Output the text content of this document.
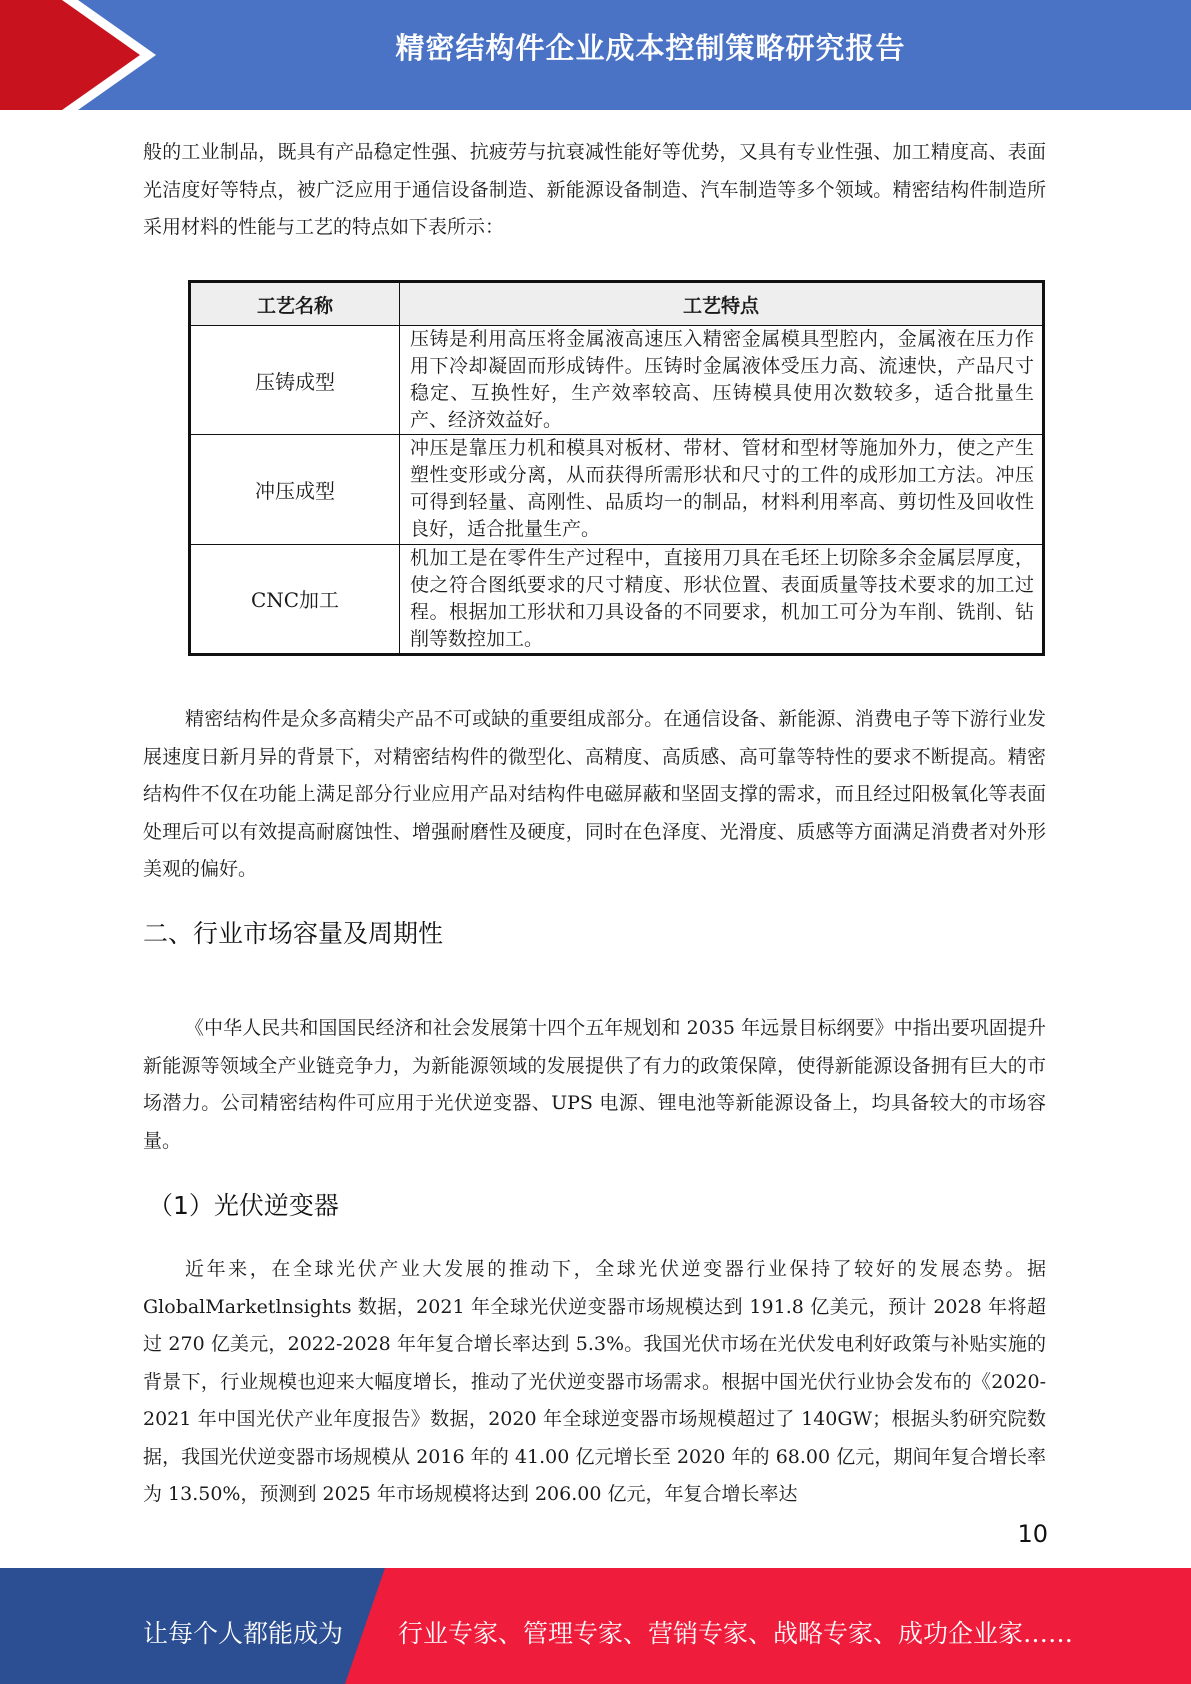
精密结构件企业成本控制策略研究报告

般的工业制品，既具有产品稳定性强、抗疲劳与抗衰减性能好等优势，又具有专业性强、加工精度高、表面光洁度好等特点，被广泛应用于通信设备制造、新能源设备制造、汽车制造等多个领域。精密结构件制造所采用材料的性能与工艺的特点如下表所示：

工艺名称	工艺特点
压铸成型	压铸是利用高压将金属液高速压入精密金属模具型腔内，金属液在压力作用下冷却凝固而形成铸件。压铸时金属液体受压力高、流速快，产品尺寸稳定、互换性好，生产效率较高、压铸模具使用次数较多，适合批量生产、经济效益好。
冲压成型	冲压是靠压力机和模具对板材、带材、管材和型材等施加外力，使之产生塑性变形或分离，从而获得所需形状和尺寸的工件的成形加工方法。冲压可得到轻量、高刚性、品质均一的制品，材料利用率高、剪切性及回收性良好，适合批量生产。
CNC加工	机加工是在零件生产过程中，直接用刀具在毛坯上切除多余金属层厚度，使之符合图纸要求的尺寸精度、形状位置、表面质量等技术要求的加工过程。根据加工形状和刀具设备的不同要求，机加工可分为车削、铣削、钻削等数控加工。

精密结构件是众多高精尖产品不可或缺的重要组成部分。在通信设备、新能源、消费电子等下游行业发展速度日新月异的背景下，对精密结构件的微型化、高精度、高质感、高可靠等特性的要求不断提高。精密结构件不仅在功能上满足部分行业应用产品对结构件电磁屏蔽和坚固支撑的需求，而且经过阳极氧化等表面处理后可以有效提高耐腐蚀性、增强耐磨性及硬度，同时在色泽度、光滑度、质感等方面满足消费者对外形美观的偏好。

二、行业市场容量及周期性

《中华人民共和国国民经济和社会发展第十四个五年规划和 2035 年远景目标纲要》中指出要巩固提升新能源等领域全产业链竞争力，为新能源领域的发展提供了有力的政策保障，使得新能源设备拥有巨大的市场潜力。公司精密结构件可应用于光伏逆变器、UPS 电源、锂电池等新能源设备上，均具备较大的市场容量。

（1）光伏逆变器

近年来，在全球光伏产业大发展的推动下，全球光伏逆变器行业保持了较好的发展态势。据 GlobalMarketlnsights 数据，2021 年全球光伏逆变器市场规模达到 191.8 亿美元，预计 2028 年将超过 270 亿美元，2022-2028 年年复合增长率达到 5.3%。我国光伏市场在光伏发电利好政策与补贴实施的背景下，行业规模也迎来大幅度增长，推动了光伏逆变器市场需求。根据中国光伏行业协会发布的《2020-2021 年中国光伏产业年度报告》数据，2020 年全球逆变器市场规模超过了 140GW；根据头豹研究院数据，我国光伏逆变器市场规模从 2016 年的 41.00 亿元增长至 2020 年的 68.00 亿元，期间年复合增长率为 13.50%，预测到 2025 年市场规模将达到 206.00 亿元，年复合增长率达

10

让每个人都能成为 行业专家、管理专家、营销专家、战略专家、成功企业家……
